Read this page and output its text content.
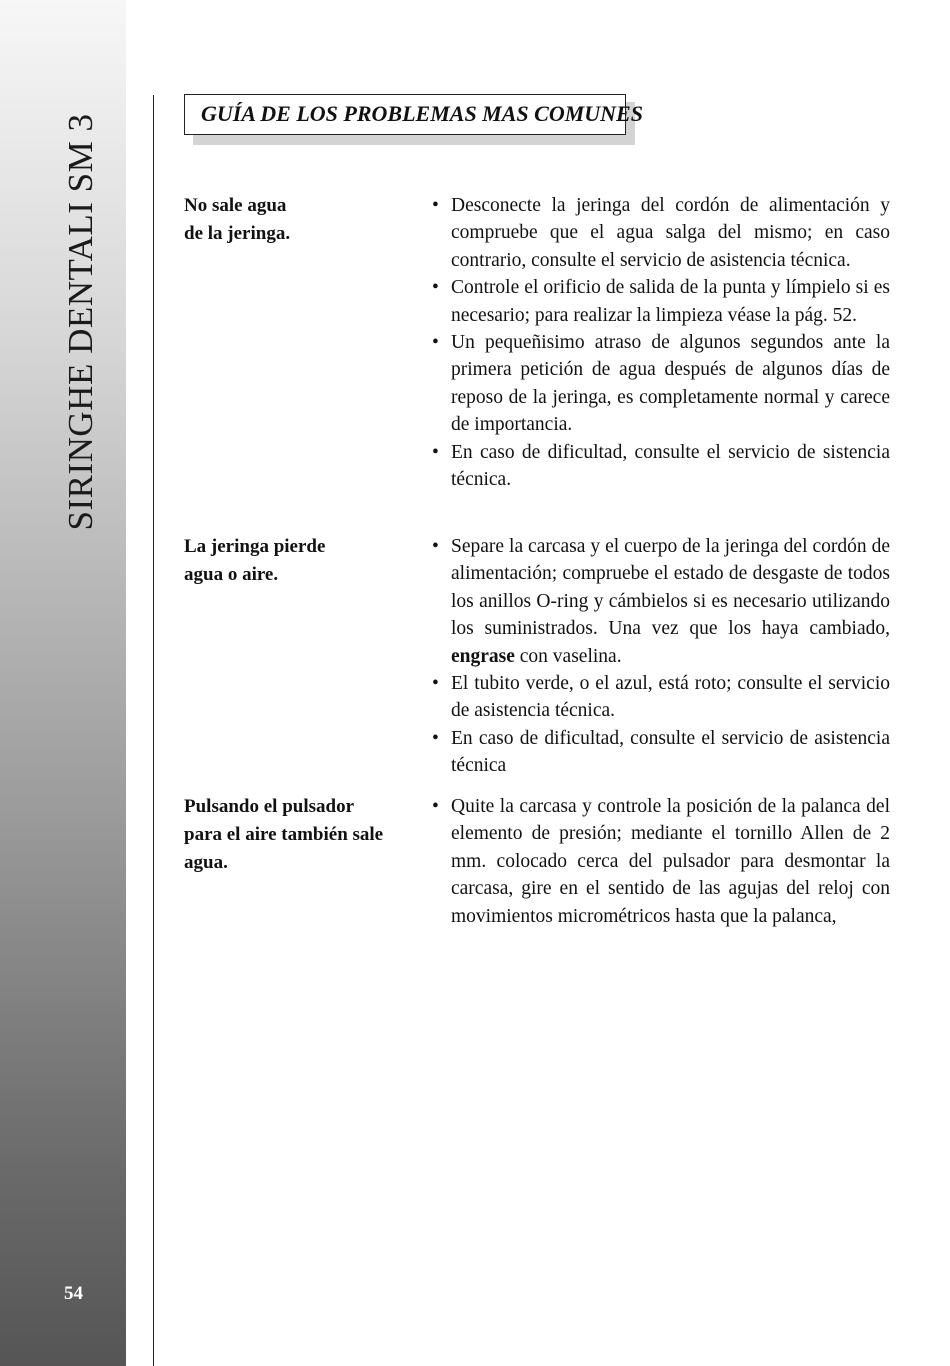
SIRINGHE DENTALI SM 3
54
GUÍA DE LOS PROBLEMAS MAS COMUNES
No sale agua
de la jeringa.
• Desconecte la jeringa del cordón de alimentación y compruebe que el agua salga del mismo; en caso contrario, consulte el servicio de asistencia técnica.
• Controle el orificio de salida de la punta y límpielo si es necesario; para realizar la limpieza véase la pág. 52.
• Un pequeñisimo atraso de algunos segundos ante la primera petición de agua después de algunos días de reposo de la jeringa, es completamente normal y carece de importancia.
• En caso de dificultad, consulte el servicio de sistencia técnica.
La jeringa pierde
agua o aire.
• Separe la carcasa y el cuerpo de la jeringa del cordón de alimentación; compruebe el estado de desgaste de todos los anillos O-ring y cámbielos si es necesario utilizando los suministrados. Una vez que los haya cambiado, engrase con vaselina.
• El tubito verde, o el azul, está roto; consulte el servicio de asistencia técnica.
• En caso de dificultad, consulte el servicio de asistencia técnica
Pulsando el pulsador
para el aire también sale
agua.
• Quite la carcasa y controle la posición de la palanca del elemento de presión; mediante el tornillo Allen de 2 mm. colocado cerca del pulsador para desmontar la carcasa, gire en el sentido de las agujas del reloj con movimientos micrométricos hasta que la palanca,
